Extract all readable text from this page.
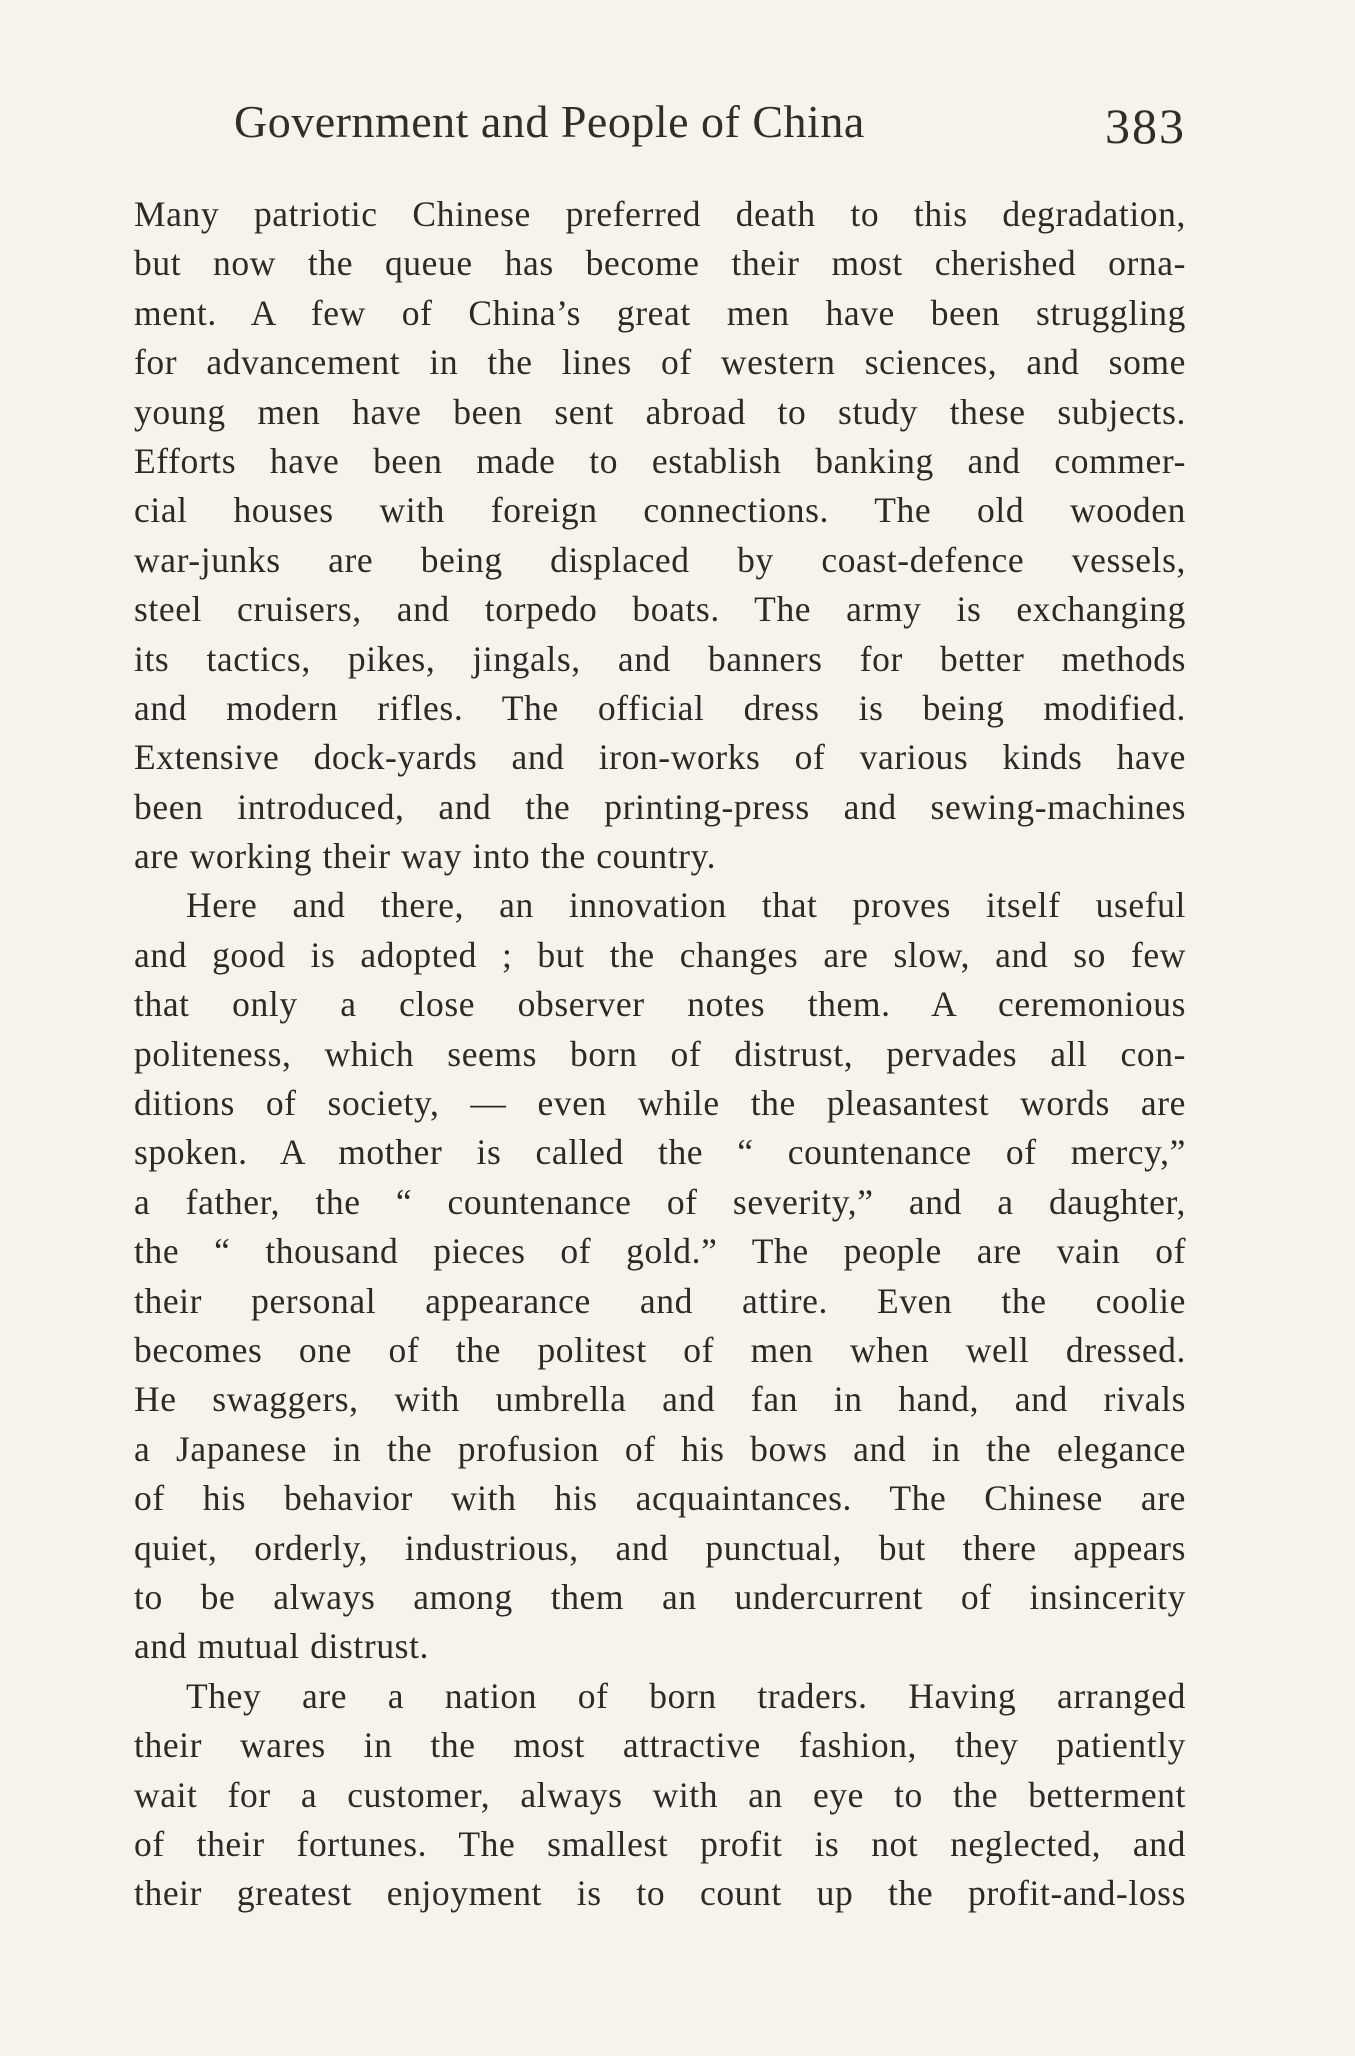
Government and People of China	383
Many patriotic Chinese preferred death to this degradation,
but now the queue has become their most cherished orna-
ment. A few of China’s great men have been struggling
for advancement in the lines of western sciences, and some
young men have been sent abroad to study these subjects.
Efforts have been made to establish banking and commer-
cial houses with foreign connections. The old wooden
war-junks are being displaced by coast-defence vessels,
steel cruisers, and torpedo boats. The army is exchanging
its tactics, pikes, jingals, and banners for better methods
and modern rifles. The official dress is being modified.
Extensive dock-yards and iron-works of various kinds have
been introduced, and the printing-press and sewing-machines
are working their way into the country.
Here and there, an innovation that proves itself useful
and good is adopted ; but the changes are slow, and so few
that only a close observer notes them. A ceremonious
politeness, which seems born of distrust, pervades all con-
ditions of society, — even while the pleasantest words are
spoken. A mother is called the “ countenance of mercy,”
a father, the “ countenance of severity,” and a daughter,
the “ thousand pieces of gold.” The people are vain of
their personal appearance and attire. Even the coolie
becomes one of the politest of men when well dressed.
He swaggers, with umbrella and fan in hand, and rivals
a Japanese in the profusion of his bows and in the elegance
of his behavior with his acquaintances. The Chinese are
quiet, orderly, industrious, and punctual, but there appears
to be always among them an undercurrent of insincerity
and mutual distrust.
They are a nation of born traders. Having arranged
their wares in the most attractive fashion, they patiently
wait for a customer, always with an eye to the betterment
of their fortunes. The smallest profit is not neglected, and
their greatest enjoyment is to count up the profit-and-loss
